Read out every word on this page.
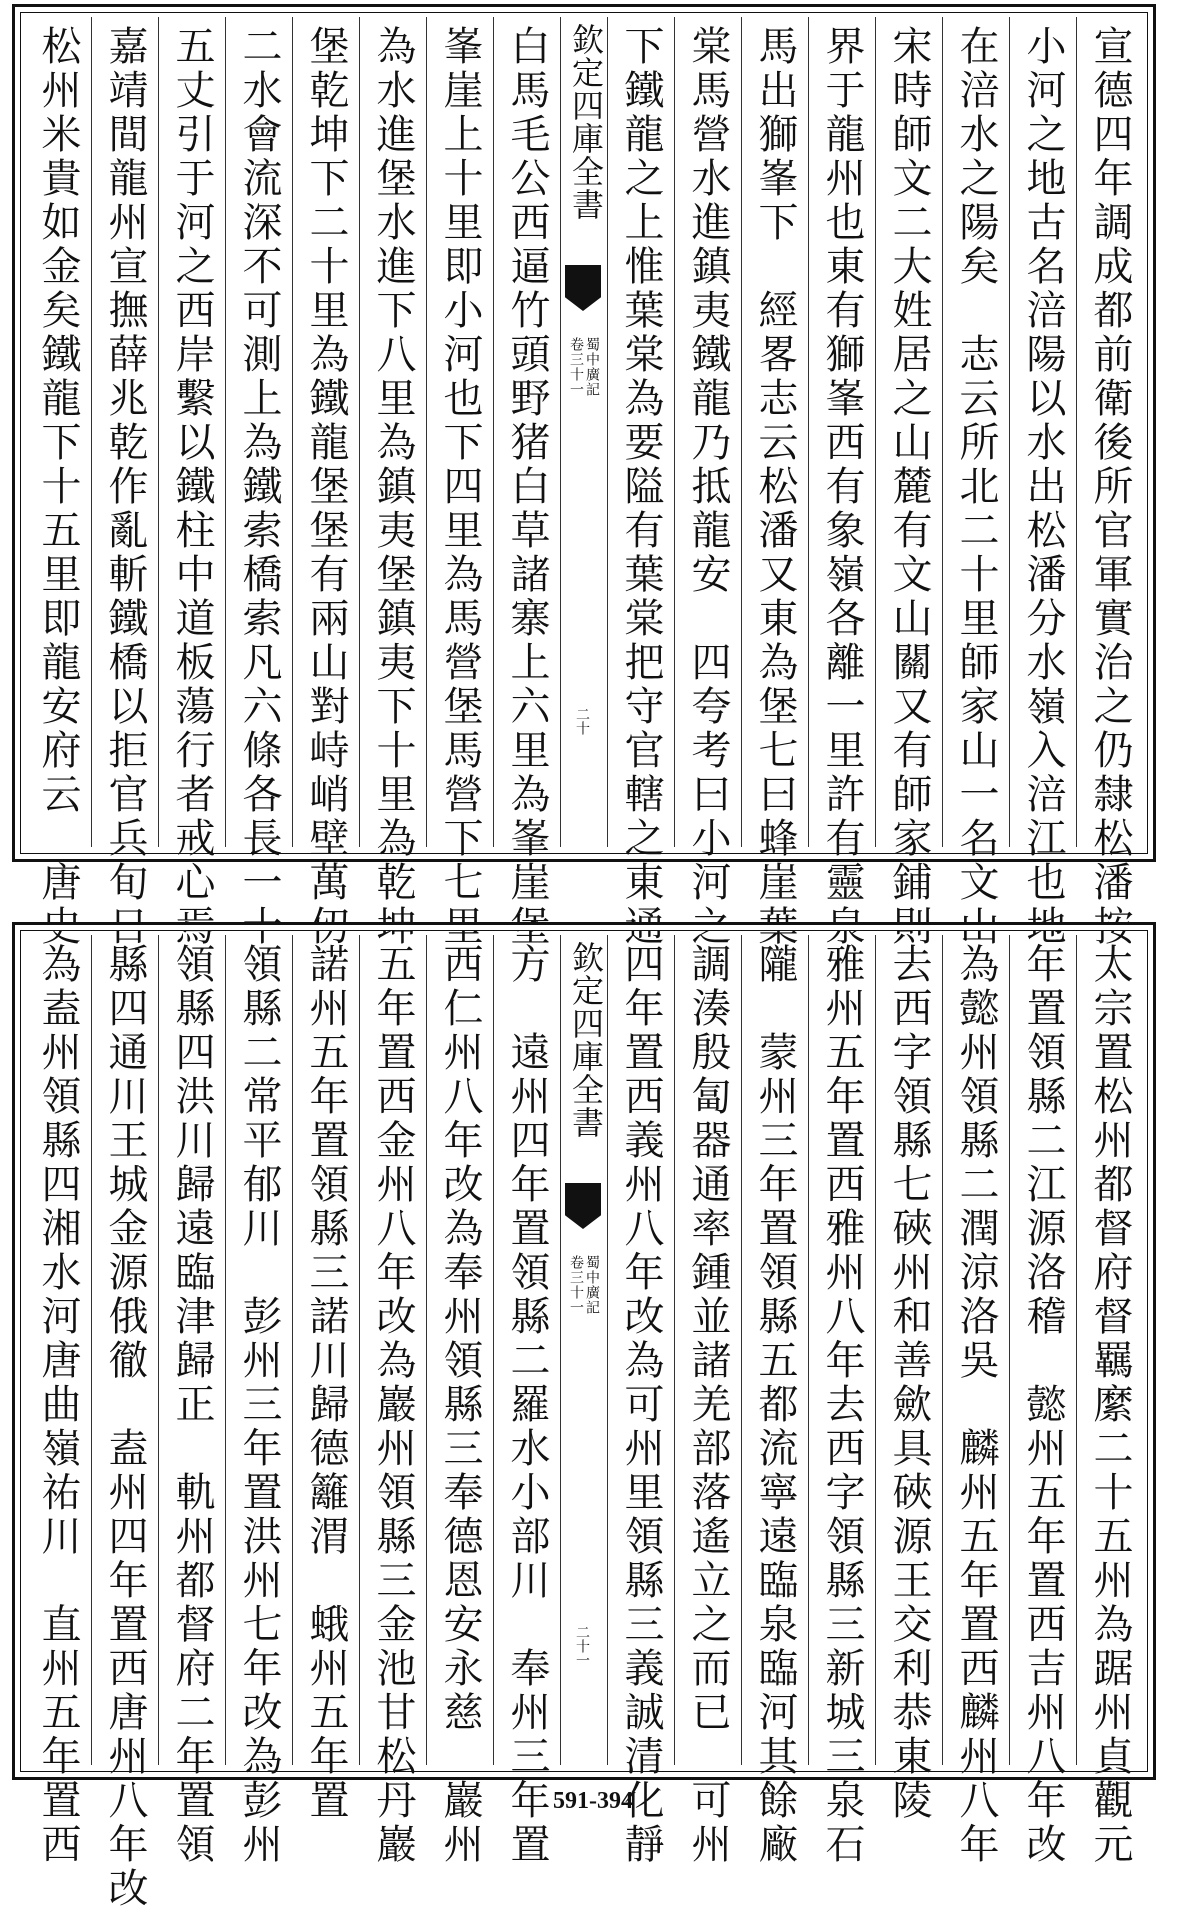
宣德四年調成都前衛後所官軍實治之仍隸松潘按
小河之地古名涪陽以水出松潘分水嶺入涪江也地
在涪水之陽矣　志云所北二十里師家山一名文山
宋時師文二大姓居之山麓有文山關又有師家鋪則
界于龍州也東有獅峯西有象嶺各離一里許有靈泉
馬出獅峯下　經畧志云松潘又東為堡七曰蜂崖葉
棠馬營水進鎮夷鐵龍乃抵龍安　四夸考曰小河之
下鐵龍之上惟葉棠為要隘有葉棠把守官轄之東通
欽定四庫全書
蜀中廣記
卷三十一
二十
白馬毛公西逼竹頭野猪白草諸寨上六里為峯崖堡
峯崖上十里即小河也下四里為馬營堡馬營下七里
為水進堡水進下八里為鎮夷堡鎮夷下十里為乾坤
堡乾坤下二十里為鐵龍堡堡有兩山對峙峭壁萬仞
二水會流深不可測上為鐵索橋索凡六條各長一十
五丈引于河之西岸繫以鐵柱中道板蕩行者戒心焉
嘉靖間龍州宣撫薛兆乾作亂斬鐵橋以拒官兵旬日
松州米貴如金矣鐵龍下十五里即龍安府云　唐史
太宗置松州都督府督羈縻二十五州為踞州貞觀元
年置領縣二江源洛稽　懿州五年置西吉州八年改
為懿州領縣二潤涼洛吳　麟州五年置西麟州八年
去西字領縣七硤州和善歛具硤源王交利恭東陵
雅州五年置西雅州八年去西字領縣三新城三泉石
隴　蒙州三年置領縣五都流寧遠臨泉臨河其餘廠
調湊殷匐器通率鍾並諸羌部落遙立之而已　可州
四年置西義州八年改為可州里領縣三義誠清化靜
欽定四庫全書
蜀中廣記
卷三十一
二十一
方　遠州四年置領縣二羅水小部川　奉州三年置
西仁州八年改為奉州領縣三奉德恩安永慈　巖州
五年置西金州八年改為巖州領縣三金池甘松丹巖
諾州五年置領縣三諾川歸德籬渭　蛾州五年置
領縣二常平郁川　彭州三年置洪州七年改為彭州
領縣四洪川歸遠臨津歸正　軌州都督府二年置領
縣四通川王城金源俄徹　盍州四年置西唐州八年改
為盍州領縣四湘水河唐曲嶺祐川　直州五年置西	591-394
